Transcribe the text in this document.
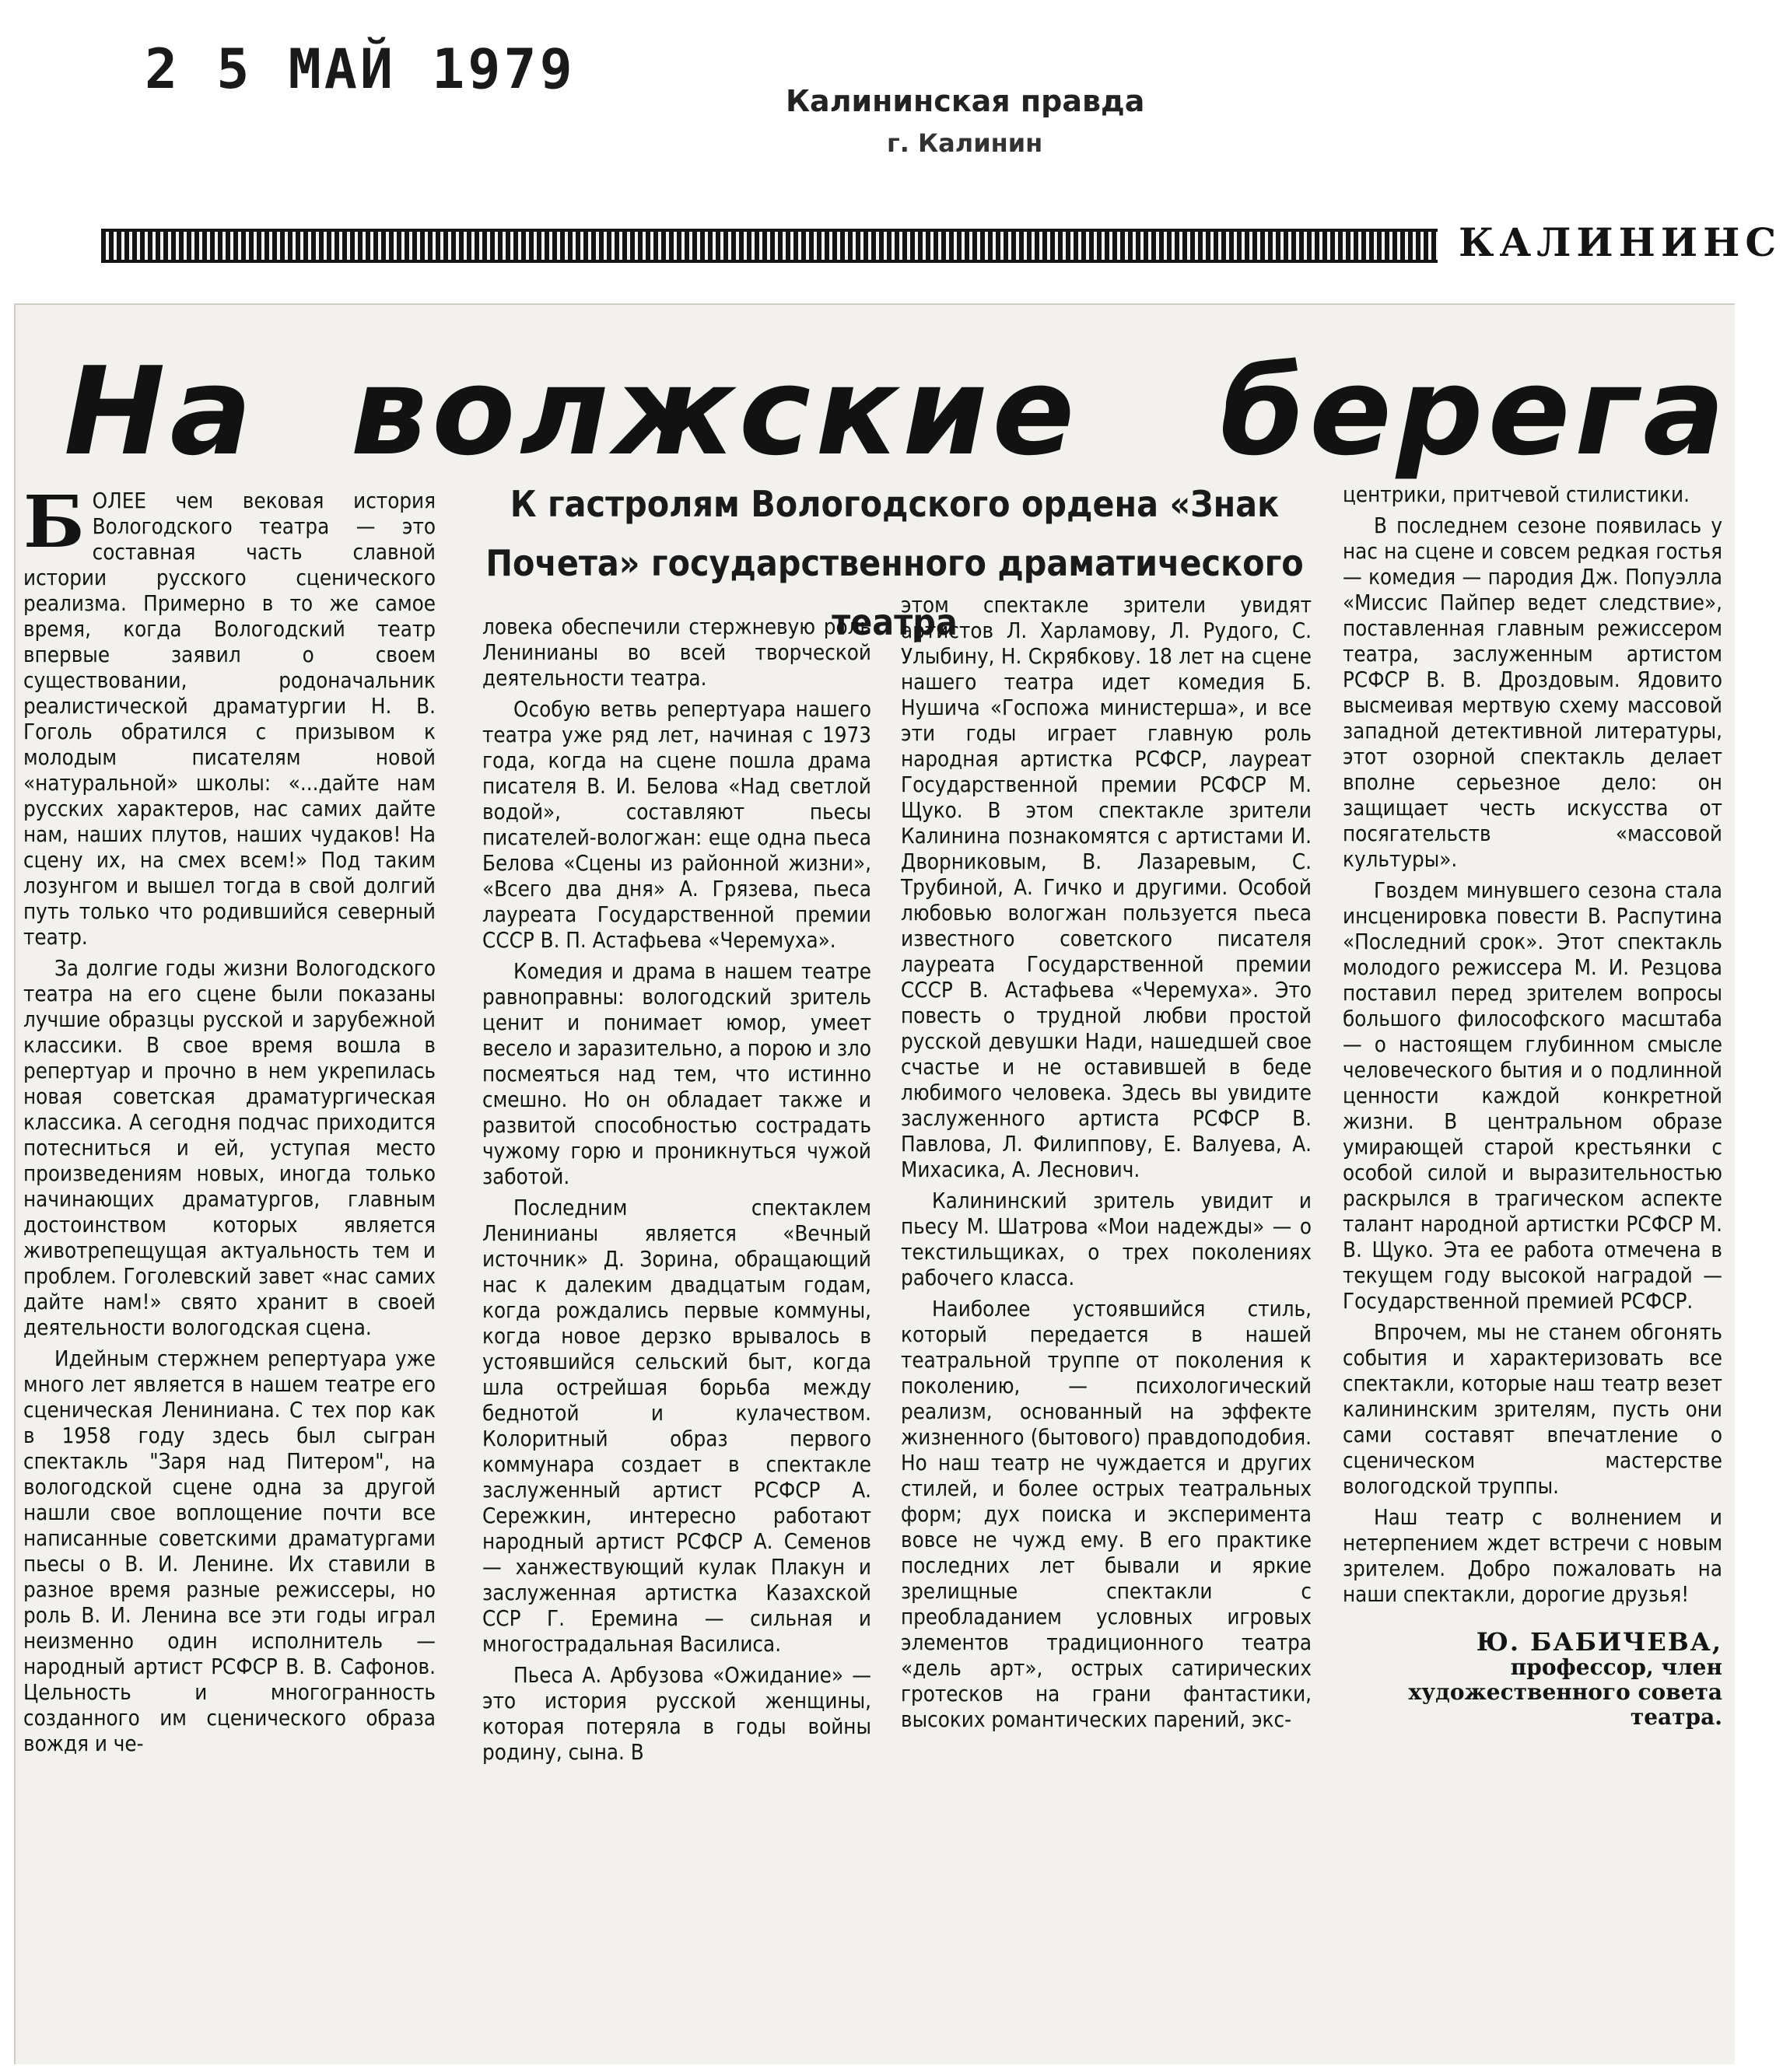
2 5 МАЙ 1979	Калининская правда
г. Калинин
КАЛИНИНС
На  волжские   берега
К гастролям Вологодского ордена «Знак Почета» государственного драматического театра

БОЛЕЕ чем вековая история Вологодского театра — это составная часть славной истории русского сценического реализма. Примерно в то же самое время, когда Вологодский театр впервые заявил о своем существовании, родоначальник реалистической драматургии Н. В. Гоголь обратился с призывом к молодым писателям новой «натуральной» школы: «...дайте нам русских характеров, нас самих дайте нам, наших плутов, наших чудаков! На сцену их, на смех всем!» Под таким лозунгом и вышел тогда в свой долгий путь только что родившийся северный театр.

За долгие годы жизни Вологодского театра на его сцене были показаны лучшие образцы русской и зарубежной классики. В свое время вошла в репертуар и прочно в нем укрепилась новая советская драматургическая классика. А сегодня подчас приходится потесниться и ей, уступая место произведениям новых, иногда только начинающих драматургов, главным достоинством которых является животрепещущая актуальность тем и проблем. Гоголевский завет «нас самих дайте нам!» свято хранит в своей деятельности вологодская сцена.

Идейным стержнем репертуара уже много лет является в нашем театре его сценическая Лениниана. С тех пор как в 1958 году здесь был сыгран спектакль "Заря над Питером", на вологодской сцене одна за другой нашли свое воплощение почти все написанные советскими драматургами пьесы о В. И. Ленине. Их ставили в разное время разные режиссеры, но роль В. И. Ленина все эти годы играл неизменно один исполнитель — народный артист РСФСР В. В. Сафонов. Цельность и многогранность созданного им сценического образа вождя и че-

ловека обеспечили стержневую роль Ленинианы во всей творческой деятельности театра.

Особую ветвь репертуара нашего театра уже ряд лет, начиная с 1973 года, когда на сцене пошла драма писателя В. И. Белова «Над светлой водой», составляют пьесы писателей-вологжан: еще одна пьеса Белова «Сцены из районной жизни», «Всего два дня» А. Грязева, пьеса лауреата Государственной премии СССР В. П. Астафьева «Черемуха».

Комедия и драма в нашем театре равноправны: вологодский зритель ценит и понимает юмор, умеет весело и заразительно, а порою и зло посмеяться над тем, что истинно смешно. Но он обладает также и развитой способностью сострадать чужому горю и проникнуться чужой заботой.

Последним спектаклем Ленинианы является «Вечный источник» Д. Зорина, обращающий нас к далеким двадцатым годам, когда рождались первые коммуны, когда новое дерзко врывалось в устоявшийся сельский быт, когда шла острейшая борьба между беднотой и кулачеством. Колоритный образ первого коммунара создает в спектакле заслуженный артист РСФСР А. Сережкин, интересно работают народный артист РСФСР А. Семенов — ханжествующий кулак Плакун и заслуженная артистка Казахской ССР Г. Еремина — сильная и многострадальная Василиса.

Пьеса А. Арбузова «Ожидание» — это история русской женщины, которая потеряла в годы войны родину, сына. В

этом спектакле зрители увидят артистов Л. Харламову, Л. Рудого, С. Улыбину, Н. Скрябкову. 18 лет на сцене нашего театра идет комедия Б. Нушича «Госпожа министерша», и все эти годы играет главную роль народная артистка РСФСР, лауреат Государственной премии РСФСР М. Щуко. В этом спектакле зрители Калинина познакомятся с артистами И. Дворниковым, В. Лазаревым, С. Трубиной, А. Гичко и другими. Особой любовью вологжан пользуется пьеса известного советского писателя лауреата Государственной премии СССР В. Астафьева «Черемуха». Это повесть о трудной любви простой русской девушки Нади, нашедшей свое счастье и не оставившей в беде любимого человека. Здесь вы увидите заслуженного артиста РСФСР В. Павлова, Л. Филиппову, Е. Валуева, А. Михасика, А. Леснович.

Калининский зритель увидит и пьесу М. Шатрова «Мои надежды» — о текстильщиках, о трех поколениях рабочего класса.

Наиболее устоявшийся стиль, который передается в нашей театральной труппе от поколения к поколению, — психологический реализм, основанный на эффекте жизненного (бытового) правдоподобия. Но наш театр не чуждается и других стилей, и более острых театральных форм; дух поиска и эксперимента вовсе не чужд ему. В его практике последних лет бывали и яркие зрелищные спектакли с преобладанием условных игровых элементов традиционного театра «дель арт», острых сатирических гротесков на грани фантастики, высоких романтических парений, экс-

центрики, притчевой стилистики.

В последнем сезоне появилась у нас на сцене и совсем редкая гостья — комедия — пародия Дж. Попуэлла «Миссис Пайпер ведет следствие», поставленная главным режиссером театра, заслуженным артистом РСФСР В. В. Дроздовым. Ядовито высмеивая мертвую схему массовой западной детективной литературы, этот озорной спектакль делает вполне серьезное дело: он защищает честь искусства от посягательств «массовой культуры».

Гвоздем минувшего сезона стала инсценировка повести В. Распутина «Последний срок». Этот спектакль молодого режиссера М. И. Резцова поставил перед зрителем вопросы большого философского масштаба — о настоящем глубинном смысле человеческого бытия и о подлинной ценности каждой конкретной жизни. В центральном образе умирающей старой крестьянки с особой силой и выразительностью раскрылся в трагическом аспекте талант народной артистки РСФСР М. В. Щуко. Эта ее работа отмечена в текущем году высокой наградой — Государственной премией РСФСР.

Впрочем, мы не станем обгонять события и характеризовать все спектакли, которые наш театр везет калининским зрителям, пусть они сами составят впечатление о сценическом мастерстве вологодской труппы.

Наш театр с волнением и нетерпением ждет встречи с новым зрителем. Добро пожаловать на наши спектакли, дорогие друзья!

Ю. БАБИЧЕВА,
профессор, член художественного совета театра.
